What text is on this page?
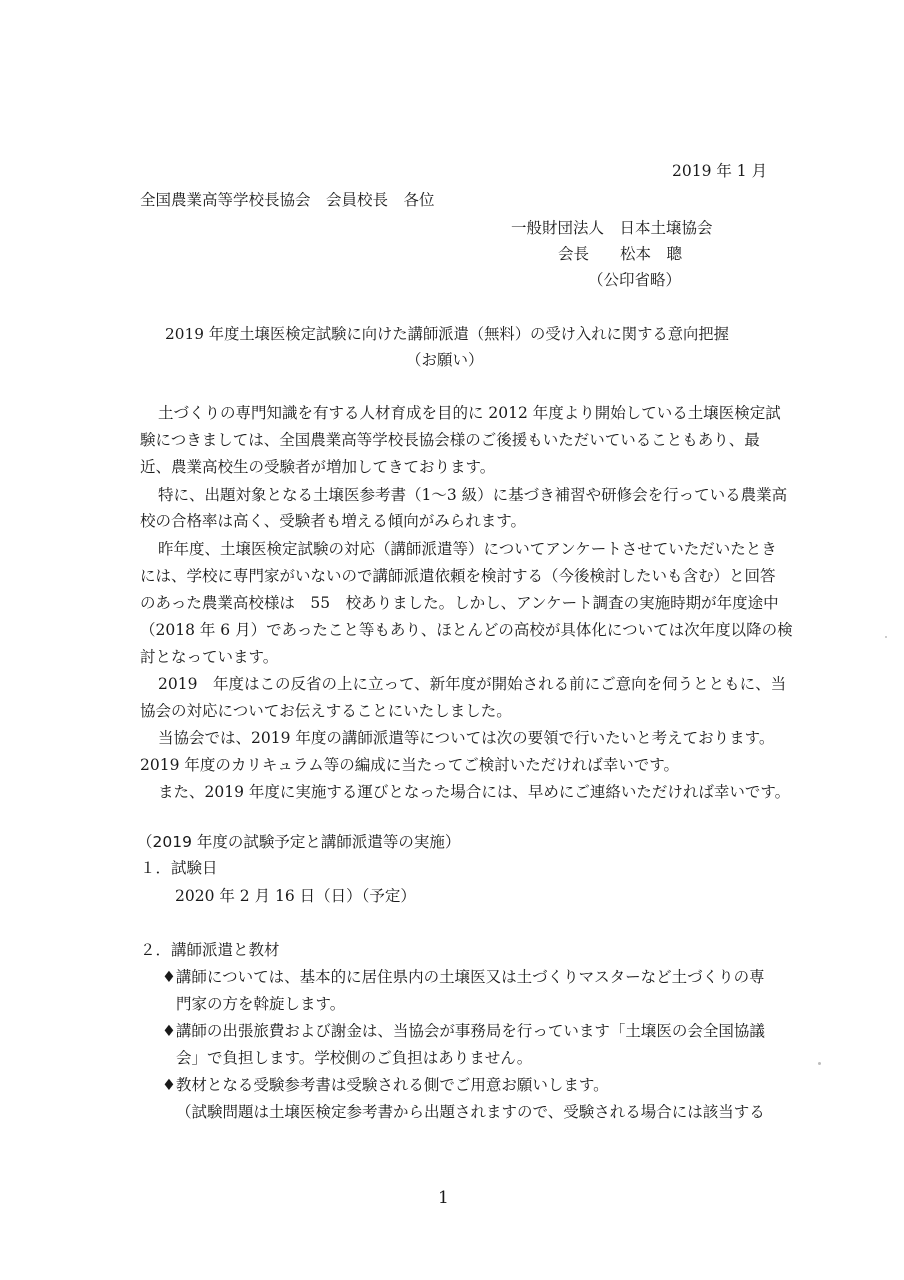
2019 年 1 月
全国農業高等学校長協会　会員校長　各位
一般財団法人　日本土壌協会
会長　　松本　聰
（公印省略）
2019 年度土壌医検定試験に向けた講師派遣（無料）の受け入れに関する意向把握
（お願い）
土づくりの専門知識を有する人材育成を目的に 2012 年度より開始している土壌医検定試
験につきましては、全国農業高等学校長協会様のご後援もいただいていることもあり、最
近、農業高校生の受験者が増加してきております。
特に、出題対象となる土壌医参考書（1～3 級）に基づき補習や研修会を行っている農業高
校の合格率は高く、受験者も増える傾向がみられます。
昨年度、土壌医検定試験の対応（講師派遣等）についてアンケートさせていただいたとき
には、学校に専門家がいないので講師派遣依頼を検討する（今後検討したいも含む）と回答
のあった農業高校様は　55　校ありました。しかし、アンケート調査の実施時期が年度途中
（2018 年 6 月）であったこと等もあり、ほとんどの高校が具体化については次年度以降の検
討となっています。
2019　年度はこの反省の上に立って、新年度が開始される前にご意向を伺うとともに、当
協会の対応についてお伝えすることにいたしました。
当協会では、2019 年度の講師派遣等については次の要領で行いたいと考えております。
2019 年度のカリキュラム等の編成に当たってご検討いただければ幸いです。
また、2019 年度に実施する運びとなった場合には、早めにご連絡いただければ幸いです。
（2019 年度の試験予定と講師派遣等の実施）
１．試験日
2020 年 2 月 16 日（日）（予定）
２．講師派遣と教材
♦講師については、基本的に居住県内の土壌医又は土づくりマスターなど土づくりの専
門家の方を斡旋します。
♦講師の出張旅費および謝金は、当協会が事務局を行っています「土壌医の会全国協議
会」で負担します。学校側のご負担はありません。
♦教材となる受験参考書は受験される側でご用意お願いします。
（試験問題は土壌医検定参考書から出題されますので、受験される場合には該当する
1
